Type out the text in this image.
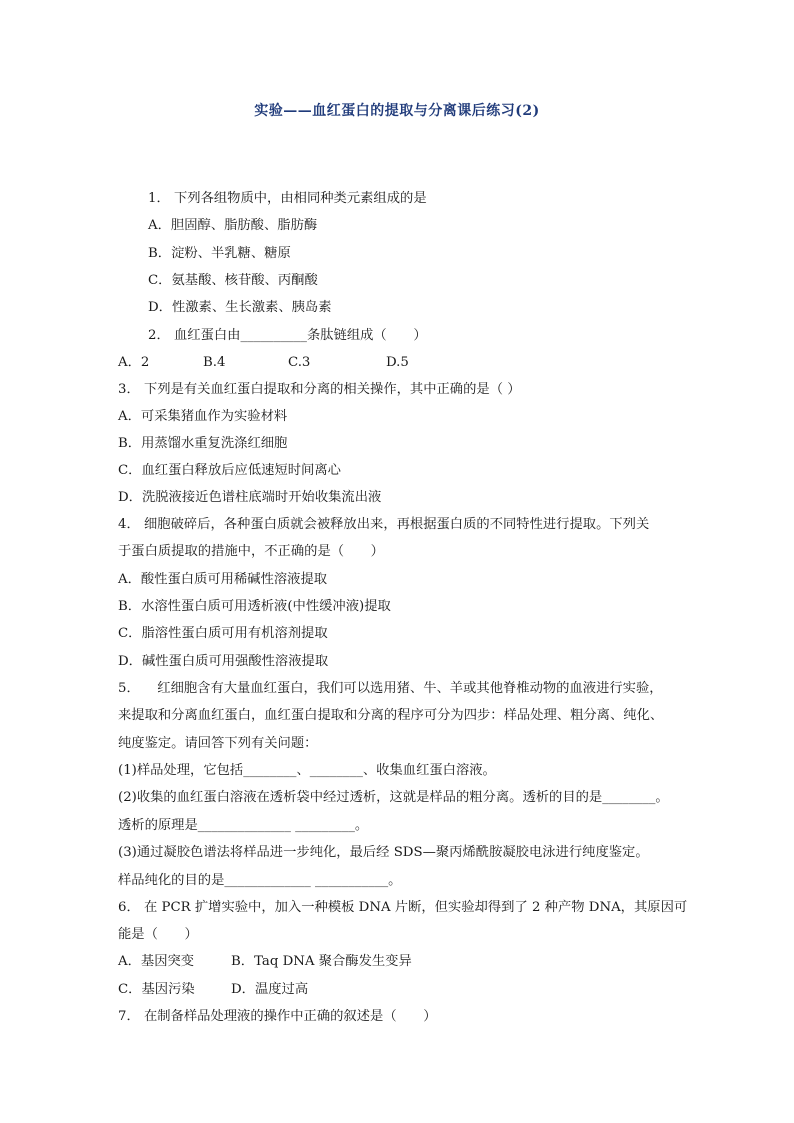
实验——血红蛋白的提取与分离课后练习(2)
1． 下列各组物质中，由相同种类元素组成的是
A．胆固醇、脂肪酸、脂肪酶
B．淀粉、半乳糖、糖原
C．氨基酸、核苷酸、丙酮酸
D．性激素、生长激素、胰岛素
2． 血红蛋白由__________条肽链组成（　　）
A．2	B.4	C.3	D.5
3． 下列是有关血红蛋白提取和分离的相关操作，其中正确的是（ ）
A．可采集猪血作为实验材料
B．用蒸馏水重复洗涤红细胞
C．血红蛋白释放后应低速短时间离心
D．洗脱液接近色谱柱底端时开始收集流出液
4． 细胞破碎后，各种蛋白质就会被释放出来，再根据蛋白质的不同特性进行提取。下列关
于蛋白质提取的措施中，不正确的是（　　）
A．酸性蛋白质可用稀碱性溶液提取
B．水溶性蛋白质可用透析液(中性缓冲液)提取
C．脂溶性蛋白质可用有机溶剂提取
D．碱性蛋白质可用强酸性溶液提取
5． 　红细胞含有大量血红蛋白，我们可以选用猪、牛、羊或其他脊椎动物的血液进行实验，
来提取和分离血红蛋白，血红蛋白提取和分离的程序可分为四步：样品处理、粗分离、纯化、
纯度鉴定。请回答下列有关问题：
(1)样品处理，它包括________、________、收集血红蛋白溶液。
(2)收集的血红蛋白溶液在透析袋中经过透析，这就是样品的粗分离。透析的目的是________。
透析的原理是______________ _________。
(3)通过凝胶色谱法将样品进一步纯化，最后经 SDS—聚丙烯酰胺凝胶电泳进行纯度鉴定。
样品纯化的目的是_____________ ___________。
6． 在 PCR 扩增实验中，加入一种模板 DNA 片断，但实验却得到了 2 种产物 DNA，其原因可
能是（　　）
A．基因突变	B．Taq DNA 聚合酶发生变异
C．基因污染	D．温度过高
7． 在制备样品处理液的操作中正确的叙述是（　　）
